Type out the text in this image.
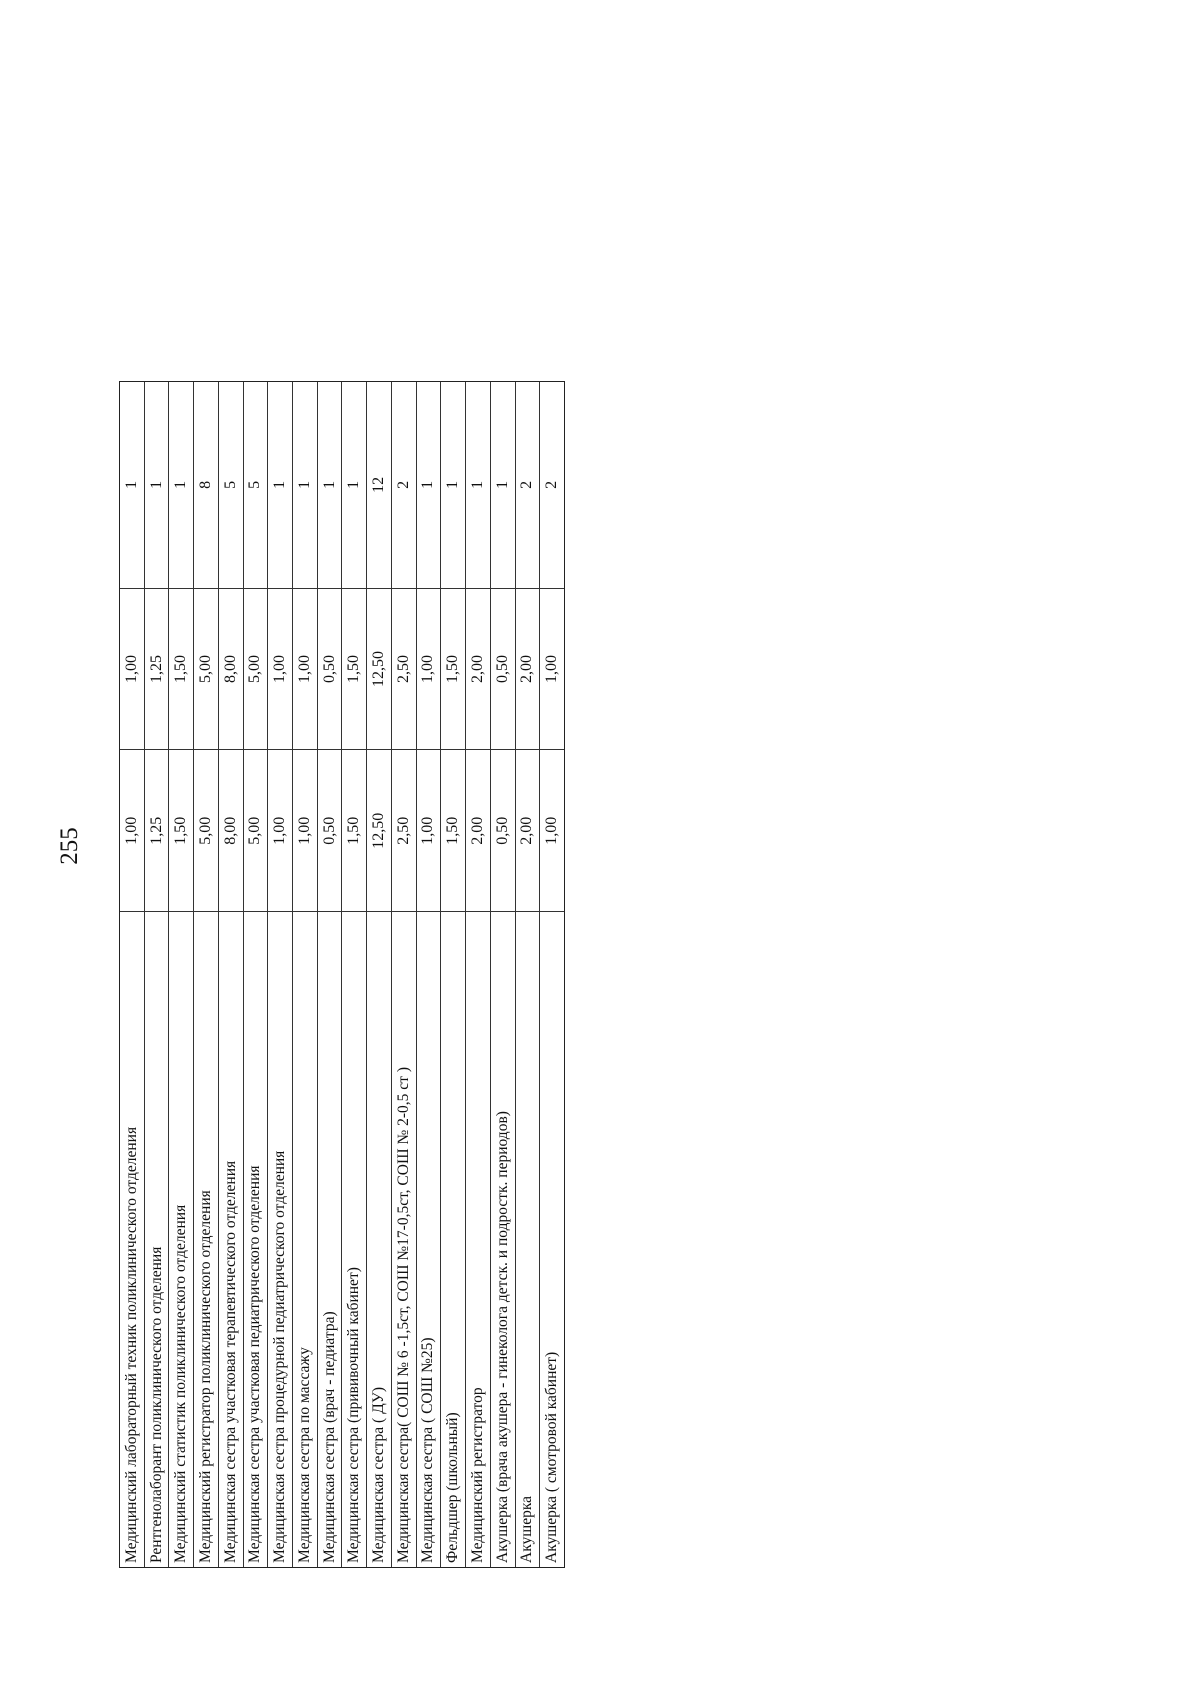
255
Медицинский лабораторный техник поликлинического отделения
1,00
1,00
1
Рентгенолаборант поликлинического отделения
1,25
1,25
1
Медицинский статистик поликлинического отделения
1,50
1,50
1
Медицинский регистратор поликлинического отделения
5,00
5,00
8
Медицинская сестра участковая терапевтического отделения
8,00
8,00
5
Медицинская сестра участковая педиатрического отделения
5,00
5,00
5
Медицинская сестра процедурной педиатрического отделения
1,00
1,00
1
Медицинская сестра по массажу
1,00
1,00
1
Медицинская сестра (врач - педиатра)
0,50
0,50
1
Медицинская сестра (прививочный кабинет)
1,50
1,50
1
Медицинская сестра ( ДУ)
12,50
12,50
12
Медицинская сестра( СОШ № 6 -1,5ст, СОШ №17-0,5ст, СОШ № 2-0,5 ст )
2,50
2,50
2
Медицинская сестра ( СОШ №25)
1,00
1,00
1
Фельдшер (школьный)
1,50
1,50
1
Медицинский регистратор
2,00
2,00
1
Акушерка (врача акушера - гинеколога детск. и подростк. периодов)
0,50
0,50
1
Акушерка
2,00
2,00
2
Акушерка ( смотровой кабинет)
1,00
1,00
2
